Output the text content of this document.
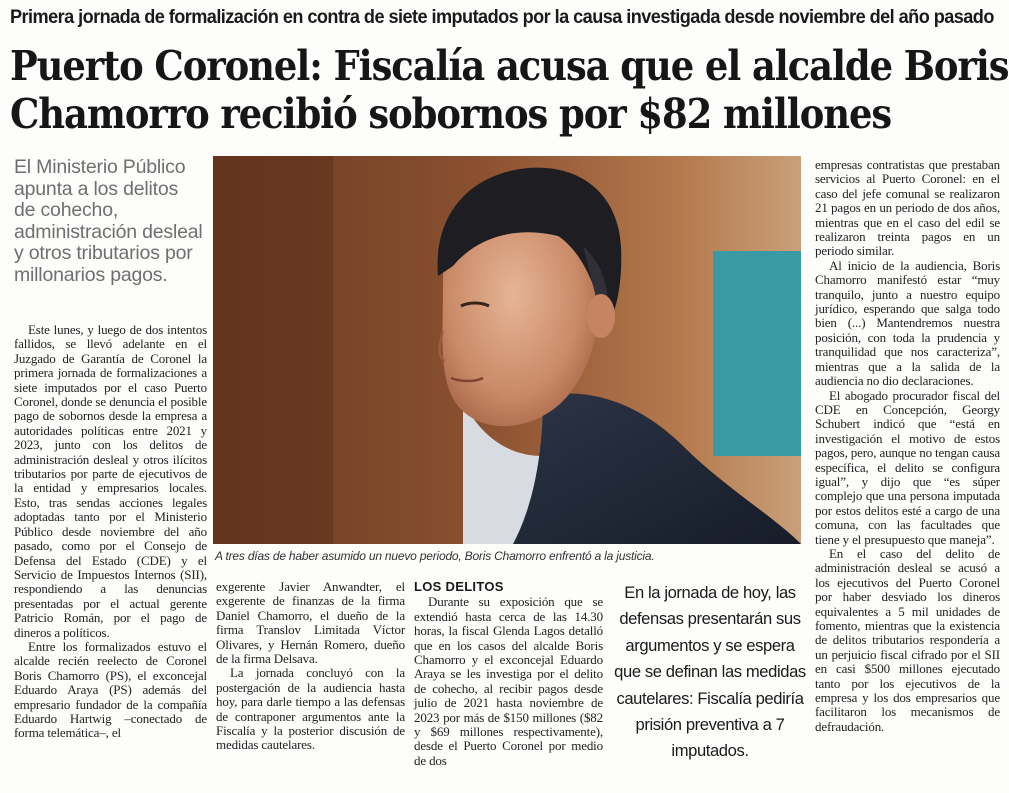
Primera jornada de formalización en contra de siete imputados por la causa investigada desde noviembre del año pasado
Puerto Coronel: Fiscalía acusa que el alcalde Boris
Chamorro recibió sobornos por $82 millones
El Ministerio Público apunta a los delitos de cohecho, administración desleal y otros tributarios por millonarios pagos.

Este lunes, y luego de dos intentos fallidos, se llevó adelante en el Juzgado de Garantía de Coronel la primera jornada de formalizaciones a siete imputados por el caso Puerto Coronel, donde se denuncia el posible pago de sobornos desde la empresa a autoridades políticas entre 2021 y 2023, junto con los delitos de administración desleal y otros ilícitos tributarios por parte de ejecutivos de la entidad y empresarios locales. Esto, tras sendas acciones legales adoptadas tanto por el Ministerio Público desde noviembre del año pasado, como por el Consejo de Defensa del Estado (CDE) y el Servicio de Impuestos Internos (SII), respondiendo a las denuncias presentadas por el actual gerente Patricio Román, por el pago de dineros a políticos.

Entre los formalizados estuvo el alcalde recién reelecto de Coronel Boris Chamorro (PS), el exconcejal Eduardo Araya (PS) además del empresario fundador de la compañía Eduardo Hartwig –conectado de forma telemática–, el

A tres días de haber asumido un nuevo periodo, Boris Chamorro enfrentó a la justicia.

exgerente Javier Anwandter, el exgerente de finanzas de la firma Daniel Chamorro, el dueño de la firma Translov Limitada Víctor Olivares, y Hernán Romero, dueño de la firma Delsava.

La jornada concluyó con la postergación de la audiencia hasta hoy, para darle tiempo a las defensas de contraponer argumentos ante la Fiscalía y la posterior discusión de medidas cautelares.

LOS DELITOS

Durante su exposición que se extendió hasta cerca de las 14.30 horas, la fiscal Glenda Lagos detalló que en los casos del alcalde Boris Chamorro y el exconcejal Eduardo Araya se les investiga por el delito de cohecho, al recibir pagos desde julio de 2021 hasta noviembre de 2023 por más de $150 millones ($82 y $69 millones respectivamente), desde el Puerto Coronel por medio de dos

En la jornada de hoy, las defensas presentarán sus argumentos y se espera que se definan las medidas cautelares: Fiscalía pediría prisión preventiva a 7 imputados.

empresas contratistas que prestaban servicios al Puerto Coronel: en el caso del jefe comunal se realizaron 21 pagos en un periodo de dos años, mientras que en el caso del edil se realizaron treinta pagos en un periodo similar.

Al inicio de la audiencia, Boris Chamorro manifestó estar “muy tranquilo, junto a nuestro equipo jurídico, esperando que salga todo bien (...) Mantendremos nuestra posición, con toda la prudencia y tranquilidad que nos caracteriza”, mientras que a la salida de la audiencia no dio declaraciones.

El abogado procurador fiscal del CDE en Concepción, Georgy Schubert indicó que “está en investigación el motivo de estos pagos, pero, aunque no tengan causa específica, el delito se configura igual”, y dijo que “es súper complejo que una persona imputada por estos delitos esté a cargo de una comuna, con las facultades que tiene y el presupuesto que maneja”.

En el caso del delito de administración desleal se acusó a los ejecutivos del Puerto Coronel por haber desviado los dineros equivalentes a 5 mil unidades de fomento, mientras que la existencia de delitos tributarios respondería a un perjuicio fiscal cifrado por el SII en casi $500 millones ejecutado tanto por los ejecutivos de la empresa y los dos empresarios que facilitaron los mecanismos de defraudación.
